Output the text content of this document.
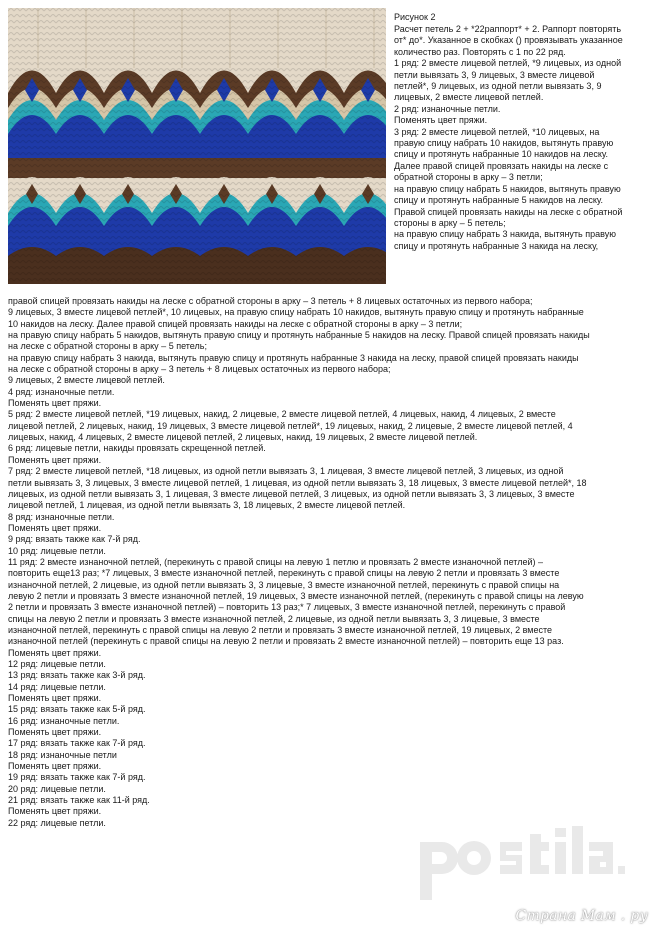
Рисунок 2
Расчет петель 2 + *22раппорт* + 2. Раппорт повторять
от* до*. Указанное в скобках () провязывать указанное
количество раз. Повторять с 1 по 22 ряд.
1 ряд: 2 вместе лицевой петлей, *9 лицевых, из одной
петли вывязать 3, 9 лицевых, 3 вместе лицевой
петлей*, 9 лицевых, из одной петли вывязать 3, 9
лицевых, 2 вместе лицевой петлей.
2 ряд: изнаночные петли.
Поменять цвет пряжи.
3 ряд: 2 вместе лицевой петлей, *10 лицевых, на
правую спицу набрать 10 накидов, вытянуть правую
спицу и протянуть набранные 10 накидов на леску.
Далее правой спицей провязать накиды на леске с
обратной стороны в арку – 3 петли;
на правую спицу набрать 5 накидов, вытянуть правую
спицу и протянуть набранные 5 накидов на леску.
Правой спицей провязать накиды на леске с обратной
стороны в арку – 5 петель;
на правую спицу набрать 3 накида, вытянуть правую
спицу и протянуть набранные 3 накида на леску,
правой спицей провязать накиды на леске с обратной стороны в арку – 3 петель + 8 лицевых остаточных из первого набора;
9 лицевых, 3 вместе лицевой петлей*, 10 лицевых, на правую спицу набрать 10 накидов, вытянуть правую спицу и протянуть набранные
10 накидов на леску. Далее правой спицей провязать накиды на леске с обратной стороны в арку – 3 петли;
на правую спицу набрать 5 накидов, вытянуть правую спицу и протянуть набранные 5 накидов на леску. Правой спицей провязать накиды
на леске с обратной стороны в арку – 5 петель;
на правую спицу набрать 3 накида, вытянуть правую спицу и протянуть набранные 3 накида на леску, правой спицей провязать накиды
на леске с обратной стороны в арку – 3 петель + 8 лицевых остаточных из первого набора;
9 лицевых, 2 вместе лицевой петлей.
4 ряд: изнаночные петли.
Поменять цвет пряжи.
5 ряд: 2 вместе лицевой петлей, *19 лицевых, накид, 2 лицевые, 2 вместе лицевой петлей, 4 лицевых, накид, 4 лицевых, 2 вместе
лицевой петлей, 2 лицевых, накид, 19 лицевых, 3 вместе лицевой петлей*, 19 лицевых, накид, 2 лицевые, 2 вместе лицевой петлей, 4
лицевых, накид, 4 лицевых, 2 вместе лицевой петлей, 2 лицевых, накид, 19 лицевых, 2 вместе лицевой петлей.
6 ряд: лицевые петли, накиды провязать скрещенной петлей.
Поменять цвет пряжи.
7 ряд: 2 вместе лицевой петлей, *18 лицевых, из одной петли вывязать 3, 1 лицевая, 3 вместе лицевой петлей, 3 лицевых, из одной
петли вывязать 3, 3 лицевых, 3 вместе лицевой петлей, 1 лицевая, из одной петли вывязать 3, 18 лицевых, 3 вместе лицевой петлей*, 18
лицевых, из одной петли вывязать 3, 1 лицевая, 3 вместе лицевой петлей, 3 лицевых, из одной петли вывязать 3, 3 лицевых, 3 вместе
лицевой петлей, 1 лицевая, из одной петли вывязать 3, 18 лицевых, 2 вместе лицевой петлей.
8 ряд: изнаночные петли.
Поменять цвет пряжи.
9 ряд: вязать также как 7-й ряд.
10 ряд: лицевые петли.
11 ряд: 2 вместе изнаночной петлей, (перекинуть с правой спицы на левую 1 петлю и провязать 2 вместе изнаночной петлей) –
повторить еще13 раз; *7 лицевых, 3 вместе изнаночной петлей, перекинуть с правой спицы на левую 2 петли и провязать 3 вместе
изнаночной петлей, 2 лицевые, из одной петли вывязать 3, 3 лицевые, 3 вместе изнаночной петлей, перекинуть с правой спицы на
левую 2 петли и провязать 3 вместе изнаночной петлей, 19 лицевых, 3 вместе изнаночной петлей, (перекинуть с правой спицы на левую
2 петли и провязать 3 вместе изнаночной петлей) – повторить 13 раз;* 7 лицевых, 3 вместе изнаночной петлей, перекинуть с правой
спицы на левую 2 петли и провязать 3 вместе изнаночной петлей, 2 лицевые, из одной петли вывязать 3, 3 лицевые, 3 вместе
изнаночной петлей, перекинуть с правой спицы на левую 2 петли и провязать 3 вместе изнаночной петлей, 19 лицевых, 2 вместе
изнаночной петлей (перекинуть с правой спицы на левую 2 петли и провязать 2 вместе изнаночной петлей) – повторить еще 13 раз.
Поменять цвет пряжи.
12 ряд: лицевые петли.
13 ряд: вязать также как 3-й ряд.
14 ряд: лицевые петли.
Поменять цвет пряжи.
15 ряд: вязать также как 5-й ряд.
16 ряд: изнаночные петли.
Поменять цвет пряжи.
17 ряд: вязать также как 7-й ряд.
18 ряд: изнаночные петли
Поменять цвет пряжи.
19 ряд: вязать также как 7-й ряд.
20 ряд: лицевые петли.
21 ряд: вязать также как 11-й ряд.
Поменять цвет пряжи.
22 ряд: лицевые петли.
Страна Мам . ру
